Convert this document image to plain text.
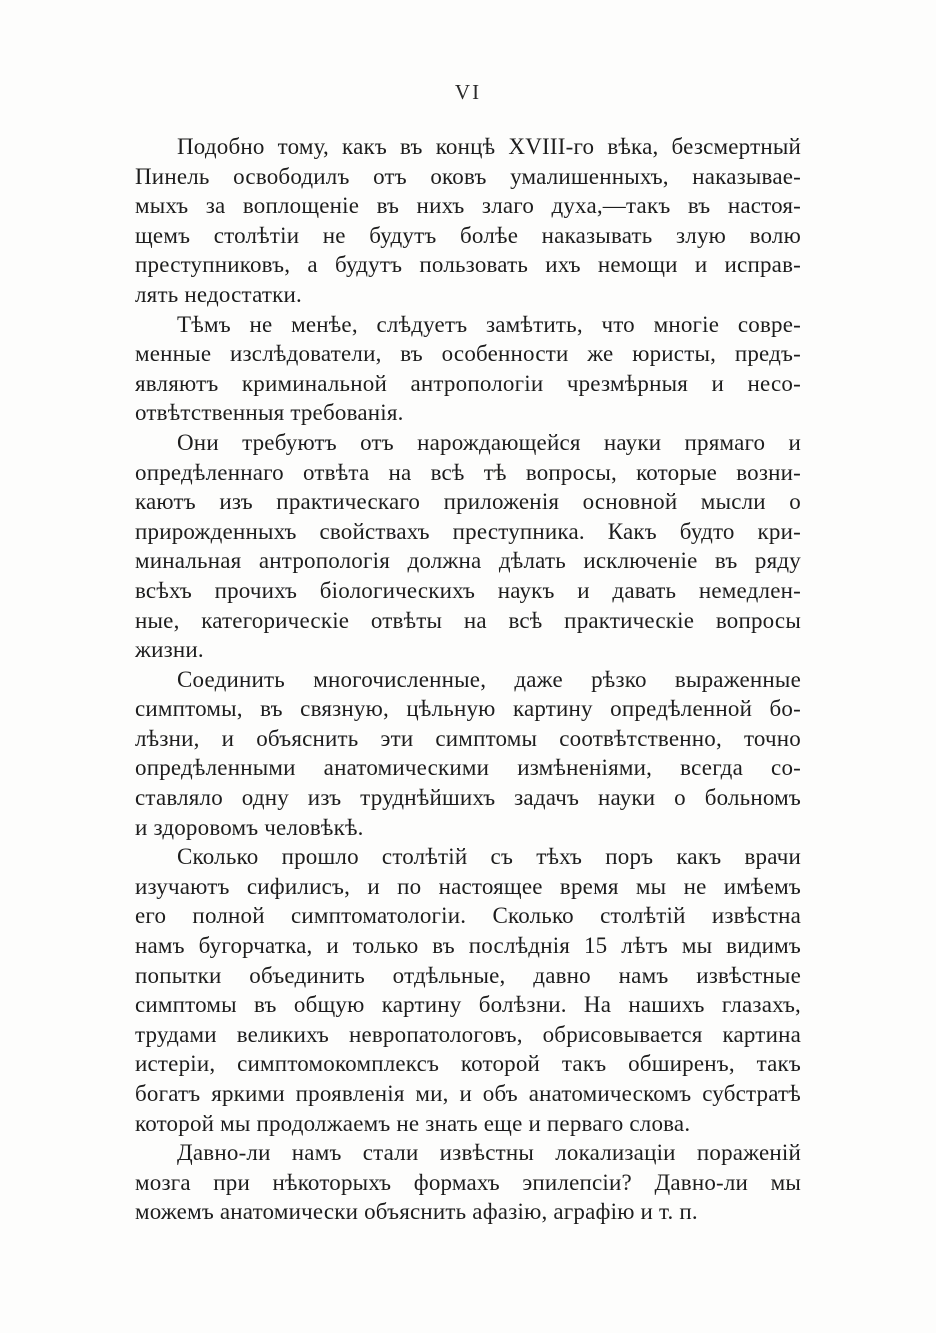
VI
Подобно тому, какъ въ концѣ XVIII-го вѣка, безсмертный
Пинель освободилъ отъ оковъ умалишенныхъ, наказывае-
мыхъ за воплощеніе въ нихъ злаго духа,—такъ въ настоя-
щемъ столѣтіи не будутъ болѣе наказывать злую волю
преступниковъ, а будутъ пользовать ихъ немощи и исправ-
лять недостатки.
Тѣмъ не менѣе, слѣдуетъ замѣтить, что многіе совре-
менные изслѣдователи, въ особенности же юристы, предъ-
являютъ криминальной антропологіи чрезмѣрныя и несо-
отвѣтственныя требованія.
Они требуютъ отъ нарождающейся науки прямаго и
опредѣленнаго отвѣта на всѣ тѣ вопросы, которые возни-
каютъ изъ практическаго приложенія основной мысли о
прирожденныхъ свойствахъ преступника. Какъ будто кри-
минальная антропологія должна дѣлать исключеніе въ ряду
всѣхъ прочихъ біологическихъ наукъ и давать немедлен-
ные, категорическіе отвѣты на всѣ практическіе вопросы
жизни.
Соединить многочисленные, даже рѣзко выраженные
симптомы, въ связную, цѣльную картину опредѣленной бо-
лѣзни, и объяснить эти симптомы соотвѣтственно, точно
опредѣленными анатомическими измѣненіями, всегда со-
ставляло одну изъ труднѣйшихъ задачъ науки о больномъ
и здоровомъ человѣкѣ.
Сколько прошло столѣтій съ тѣхъ поръ какъ врачи
изучаютъ сифилисъ, и по настоящее время мы не имѣемъ
его полной симптоматологіи. Сколько столѣтій извѣстна
намъ бугорчатка, и только въ послѣднія 15 лѣтъ мы видимъ
попытки объединить отдѣльные, давно намъ извѣстные
симптомы въ общую картину болѣзни. На нашихъ глазахъ,
трудами великихъ невропатологовъ, обрисовывается картина
истеріи, симптомокомплексъ которой такъ обширенъ, такъ
богатъ яркими проявленія ми, и объ анатомическомъ субстратѣ
которой мы продолжаемъ не знать еще и перваго слова.
Давно-ли намъ стали извѣстны локализаціи пораженій
мозга при нѣкоторыхъ формахъ эпилепсіи? Давно-ли мы
можемъ анатомически объяснить афазію, аграфію и т. п.
